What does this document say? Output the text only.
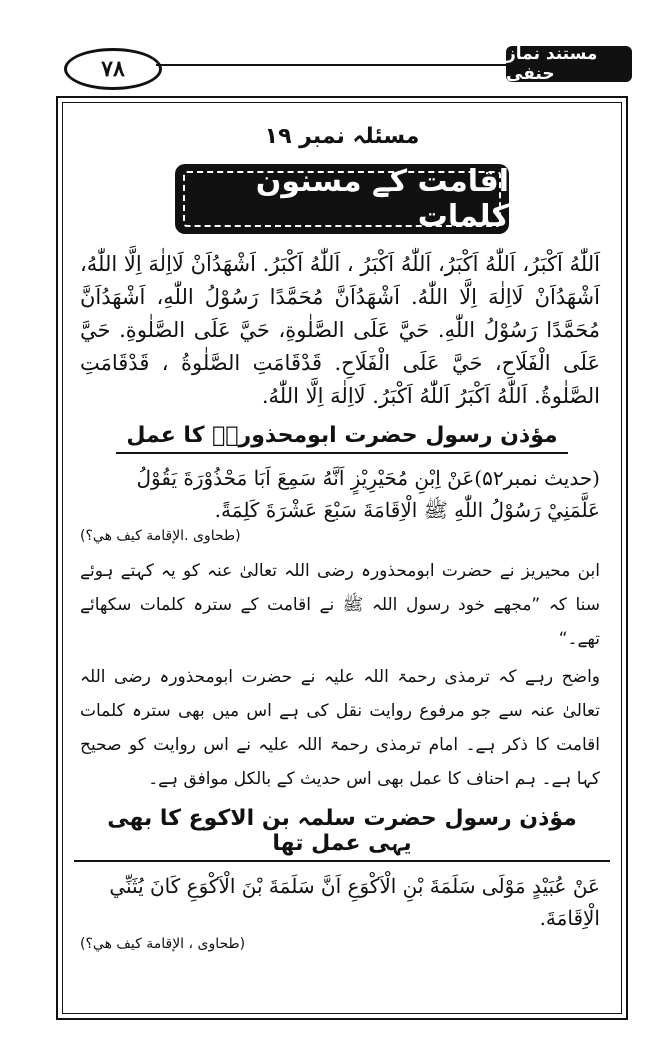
۷۸
مستند نماز حنفی
مسئلہ نمبر ۱۹
اقامت کے مسنون کلمات
اَللّٰهُ اَكْبَرُ، اَللّٰهُ اَكْبَرُ، اَللّٰهُ اَكْبَرُ ، اَللّٰهُ اَكْبَرُ. اَشْهَدُاَنْ لَااِلٰهَ اِلَّا اللّٰهُ، اَشْهَدُاَنْ لَااِلٰهَ اِلَّا اللّٰهُ. اَشْهَدُاَنَّ مُحَمَّدًا رَسُوْلُ اللّٰهِ، اَشْهَدُاَنَّ مُحَمَّدًا رَسُوْلُ اللّٰهِ. حَيَّ عَلَى الصَّلٰوةِ، حَيَّ عَلَى الصَّلٰوةِ. حَيَّ عَلَى الْفَلَاحِ، حَيَّ عَلَى الْفَلَاحِ. قَدْقَامَتِ الصَّلٰوةُ ، قَدْقَامَتِ الصَّلٰوةُ. اَللّٰهُ اَكْبَرُ اَللّٰهُ اَكْبَرُ. لَااِلٰهَ اِلَّا اللّٰهُ.
مؤذن رسول حضرت ابومحذورہؓ کا عمل
(حدیث نمبر۵۲)عَنْ اِبْنِ مُحَيْرِيْزٍ اَنَّهُ سَمِعَ اَبَا مَحْذُوْرَةَ يَقُوْلُ عَلَّمَنِيْ رَسُوْلُ اللّٰهِ ﷺ الْاِقَامَةَ سَبْعَ عَشْرَةَ كَلِمَةً.
(طحاوی .الإقامة كيف هي؟)

ابن محیریز نے حضرت ابومحذورہ رضی اللہ تعالیٰ عنہ کو یہ کہتے ہوئے سنا کہ ”مجھے خود رسول اللہ ﷺ نے اقامت کے سترہ کلمات سکھائے تھے۔“

واضح رہے کہ ترمذی رحمۃ اللہ علیہ نے حضرت ابومحذورہ رضی اللہ تعالیٰ عنہ سے جو مرفوع روایت نقل کی ہے اس میں بھی سترہ کلمات اقامت کا ذکر ہے۔ امام ترمذی رحمۃ اللہ علیہ نے اس روایت کو صحیح کہا ہے۔ ہم احناف کا عمل بھی اس حدیث کے بالکل موافق ہے۔

مؤذن رسول حضرت سلمہ بن الاکوع کا بھی یہی عمل تھا
عَنْ عُبَيْدٍ مَوْلَى سَلَمَةَ بْنِ الْاَكْوَعِ اَنَّ سَلَمَةَ بْنَ الْاَكْوَعِ كَانَ يُثَنِّي الْاِقَامَةَ.
(طحاوی ، الإقامة كيف هي؟)
